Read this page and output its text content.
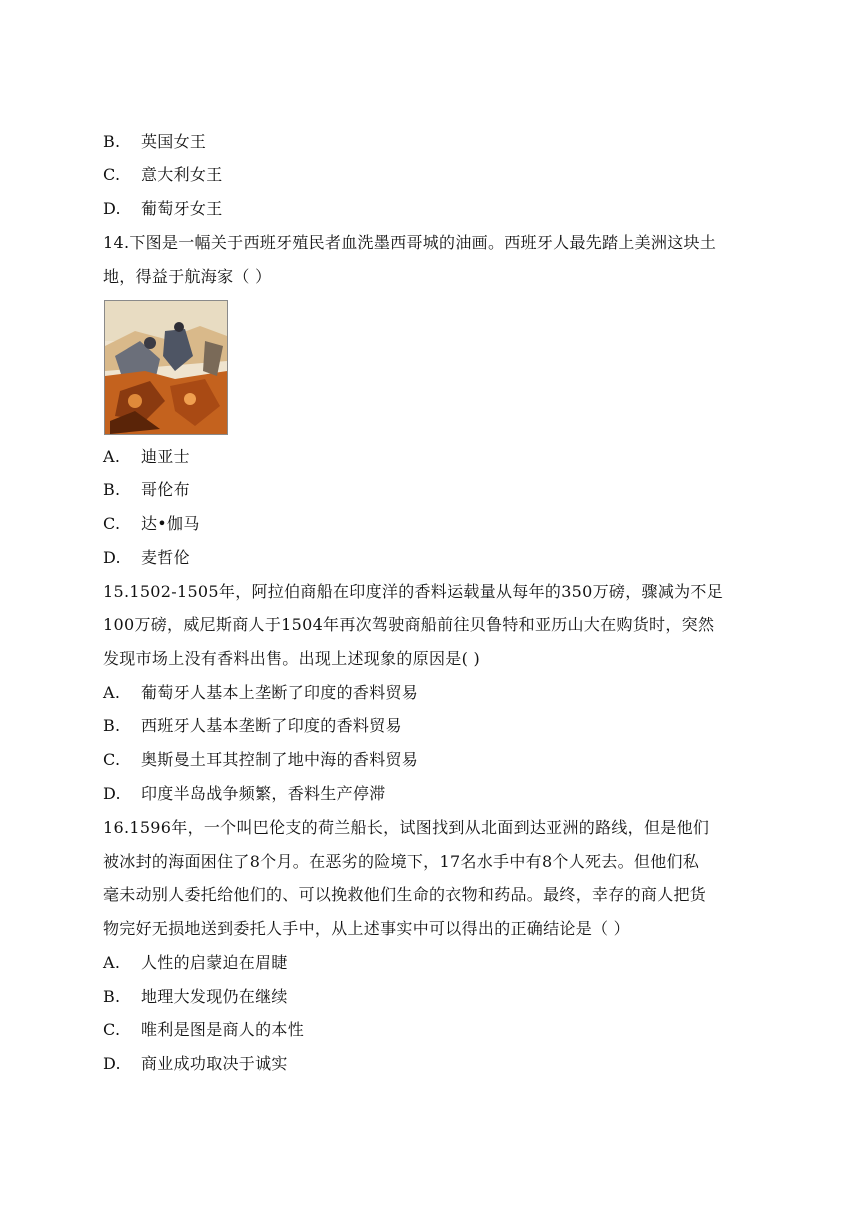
B.	英国女王
C.	意大利女王
D.	葡萄牙女王
14.下图是一幅关于西班牙殖民者血洗墨西哥城的油画。西班牙人最先踏上美洲这块土
地，得益于航海家（ ）
A.	迪亚士
B.	哥伦布
C.	达•伽马
D.	麦哲伦
15.1502-1505年，阿拉伯商船在印度洋的香料运载量从每年的350万磅，骤减为不足
100万磅，威尼斯商人于1504年再次驾驶商船前往贝鲁特和亚历山大在购货时，突然
发现市场上没有香料出售。出现上述现象的原因是( )
A.	葡萄牙人基本上垄断了印度的香料贸易
B.	西班牙人基本垄断了印度的香料贸易
C.	奥斯曼土耳其控制了地中海的香料贸易
D.	印度半岛战争频繁，香料生产停滞
16.1596年，一个叫巴伦支的荷兰船长，试图找到从北面到达亚洲的路线，但是他们
被冰封的海面困住了8个月。在恶劣的险境下，17名水手中有8个人死去。但他们私
毫未动别人委托给他们的、可以挽救他们生命的衣物和药品。最终，幸存的商人把货
物完好无损地送到委托人手中，从上述事实中可以得出的正确结论是（ ）
A.	人性的启蒙迫在眉睫
B.	地理大发现仍在继续
C.	唯利是图是商人的本性
D.	商业成功取决于诚实
